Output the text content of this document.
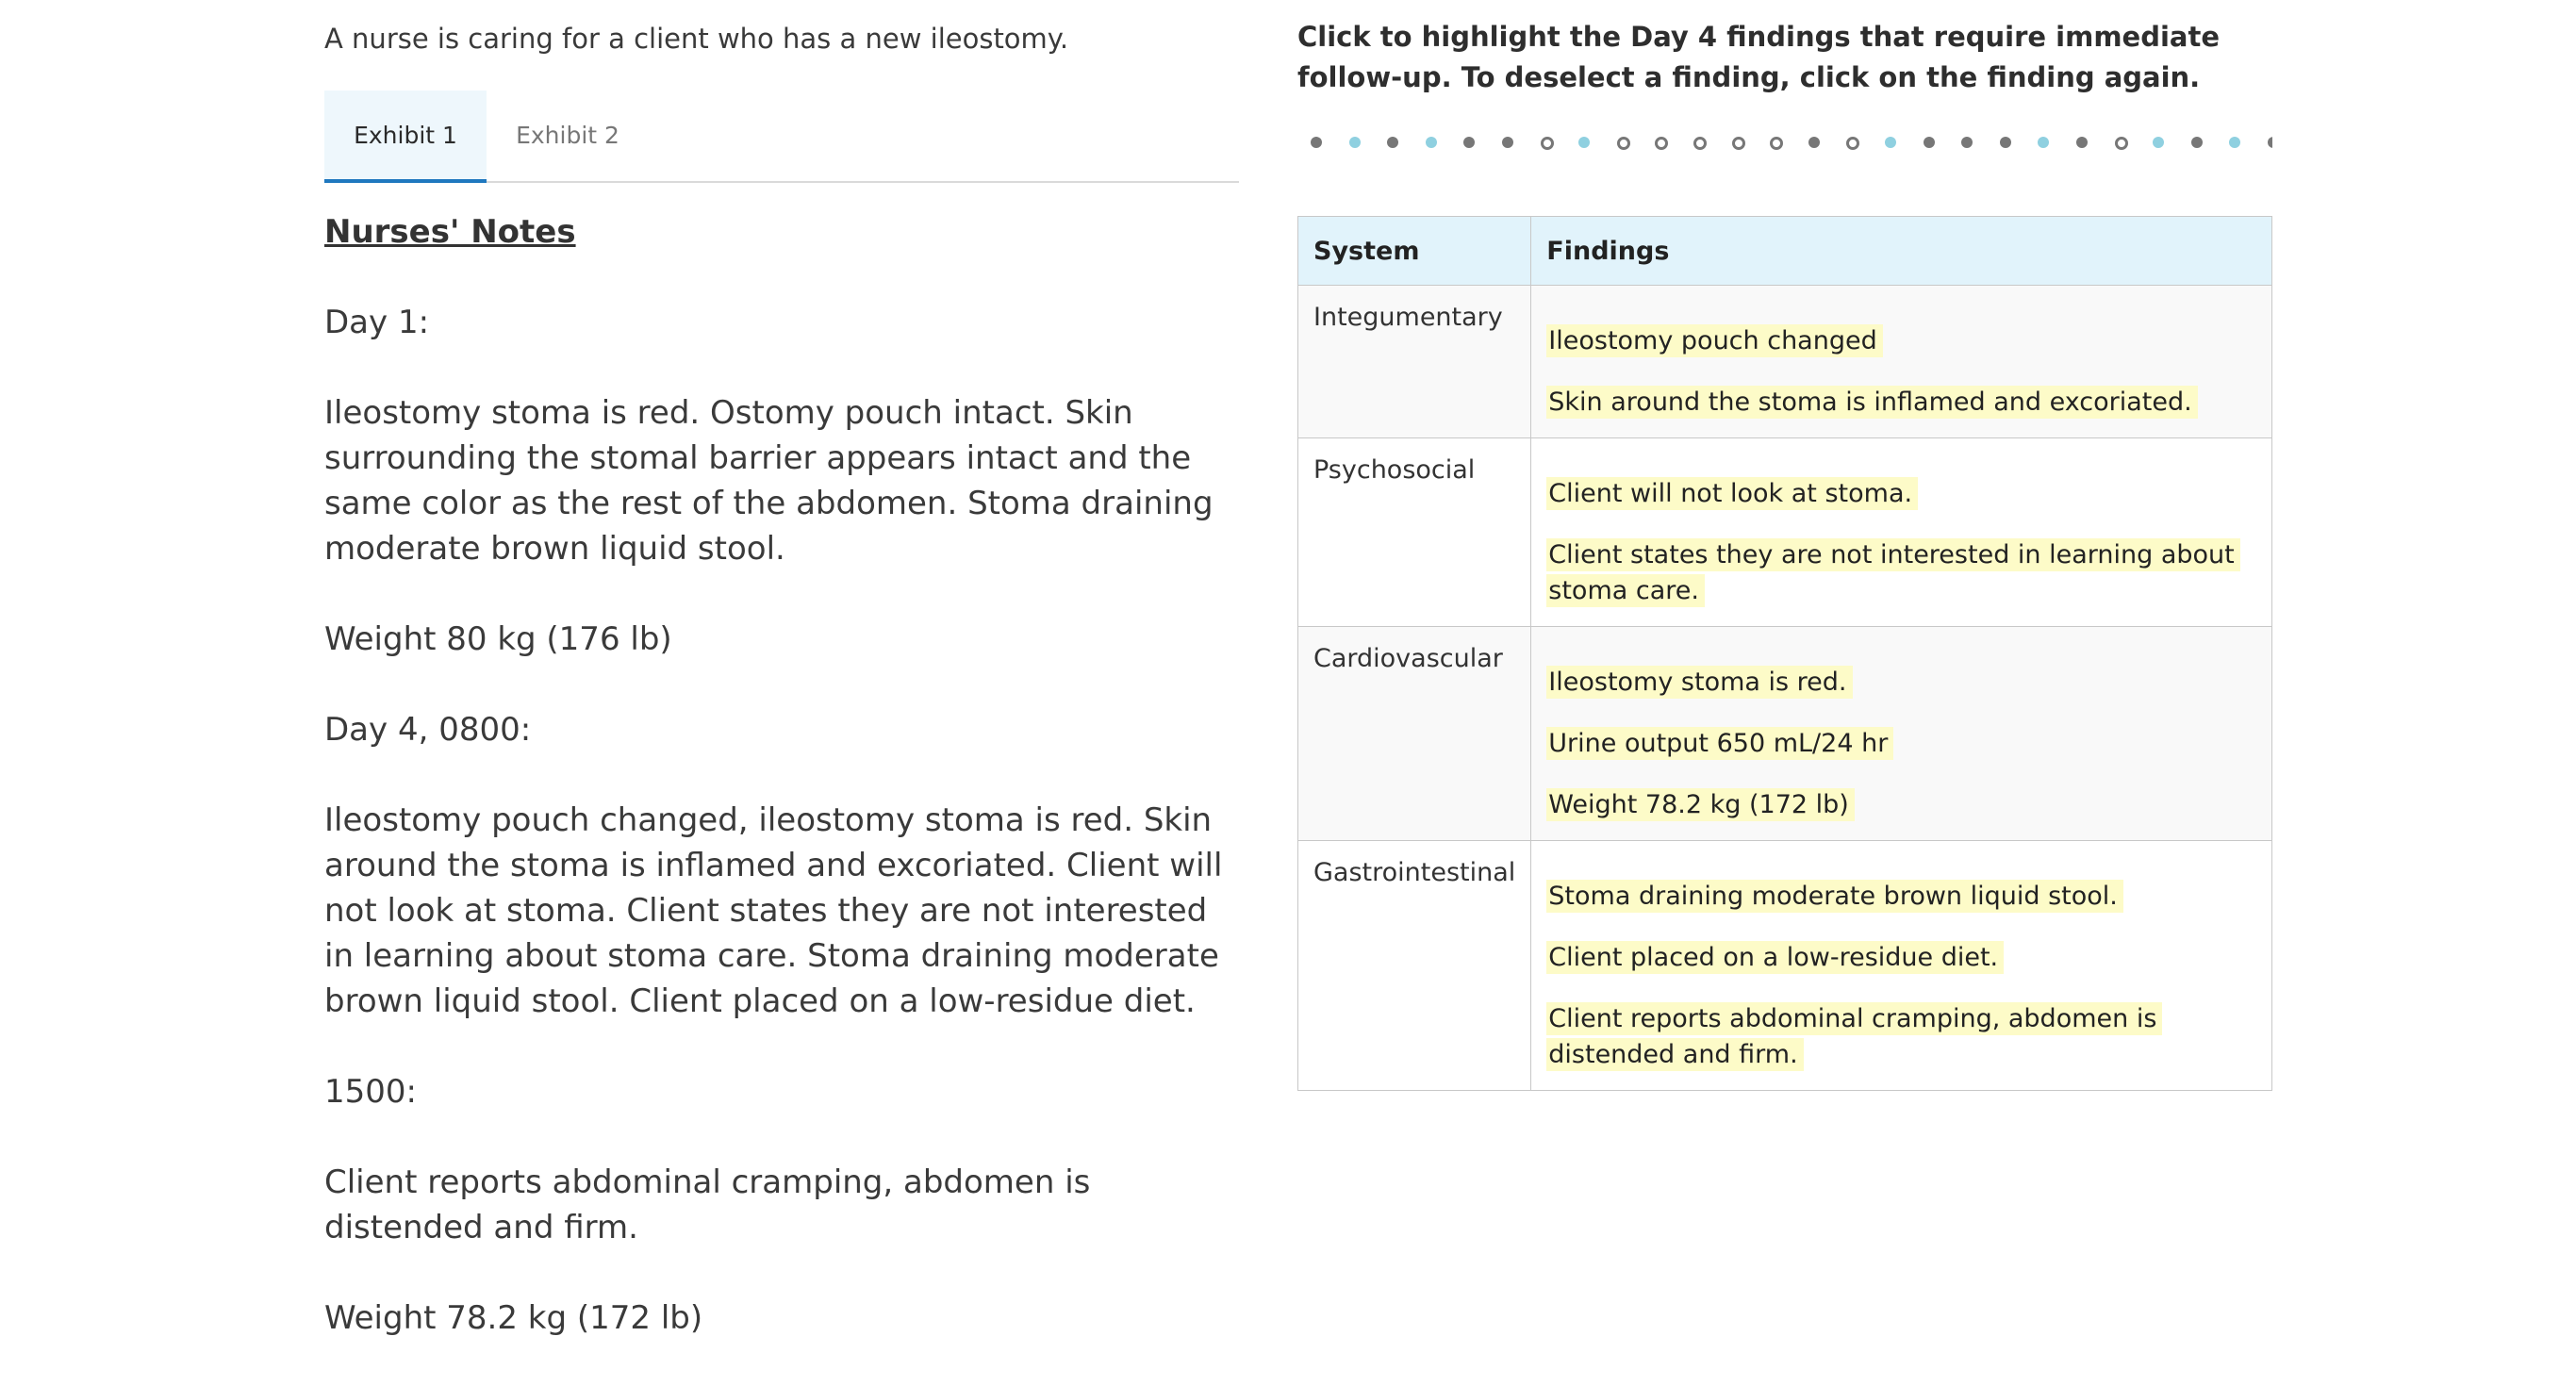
A nurse is caring for a client who has a new ileostomy.
Exhibit 1	Exhibit 2
Nurses' Notes

Day 1:

Ileostomy stoma is red. Ostomy pouch intact. Skin surrounding the stomal barrier appears intact and the same color as the rest of the abdomen. Stoma draining moderate brown liquid stool.

Weight 80 kg (176 lb)

Day 4, 0800:

Ileostomy pouch changed, ileostomy stoma is red. Skin around the stoma is inflamed and excoriated. Client will not look at stoma. Client states they are not interested in learning about stoma care. Stoma draining moderate brown liquid stool. Client placed on a low-residue diet.

1500:

Client reports abdominal cramping, abdomen is distended and firm.

Weight 78.2 kg (172 lb)

Click to highlight the Day 4 findings that require immediate follow-up. To deselect a finding, click on the finding again.
System	Findings
Integumentary	Ileostomy pouch changed
Skin around the stoma is inflamed and excoriated.

Psychosocial	Client will not look at stoma.
Client states they are not interested in learning about stoma care.

Cardiovascular	Ileostomy stoma is red.
Urine output 650 mL/24 hr
Weight 78.2 kg (172 lb)

Gastrointestinal	Stoma draining moderate brown liquid stool.
Client placed on a low-residue diet.
Client reports abdominal cramping, abdomen is distended and firm.
